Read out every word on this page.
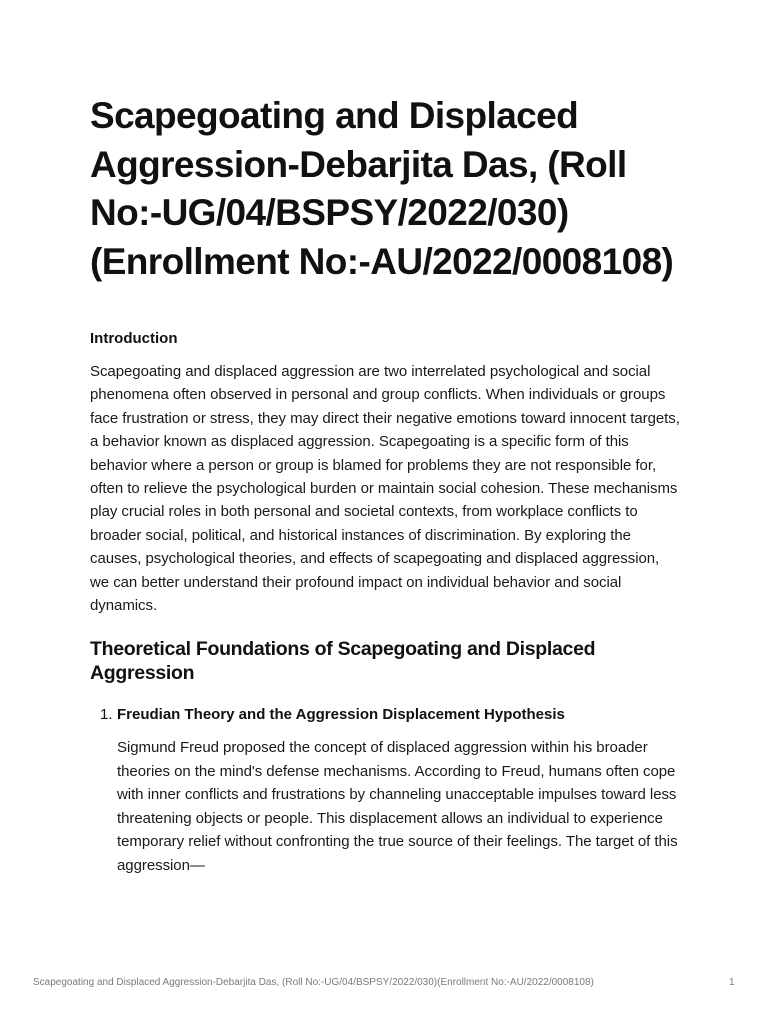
Scapegoating and Displaced Aggression-Debarjita Das, (Roll No:-UG/04/BSPSY/2022/030)(Enrollment No:-AU/2022/0008108)

Introduction

Scapegoating and displaced aggression are two interrelated psychological and social phenomena often observed in personal and group conflicts. When individuals or groups face frustration or stress, they may direct their negative emotions toward innocent targets, a behavior known as displaced aggression. Scapegoating is a specific form of this behavior where a person or group is blamed for problems they are not responsible for, often to relieve the psychological burden or maintain social cohesion. These mechanisms play crucial roles in both personal and societal contexts, from workplace conflicts to broader social, political, and historical instances of discrimination. By exploring the causes, psychological theories, and effects of scapegoating and displaced aggression, we can better understand their profound impact on individual behavior and social dynamics.

Theoretical Foundations of Scapegoating and Displaced Aggression
1. Freudian Theory and the Aggression Displacement Hypothesis

Sigmund Freud proposed the concept of displaced aggression within his broader theories on the mind's defense mechanisms. According to Freud, humans often cope with inner conflicts and frustrations by channeling unacceptable impulses toward less threatening objects or people. This displacement allows an individual to experience temporary relief without confronting the true source of their feelings. The target of this aggression—

Scapegoating and Displaced Aggression-Debarjita Das, (Roll No:-UG/04/BSPSY/2022/030)(Enrollment No:-AU/2022/0008108)	1
